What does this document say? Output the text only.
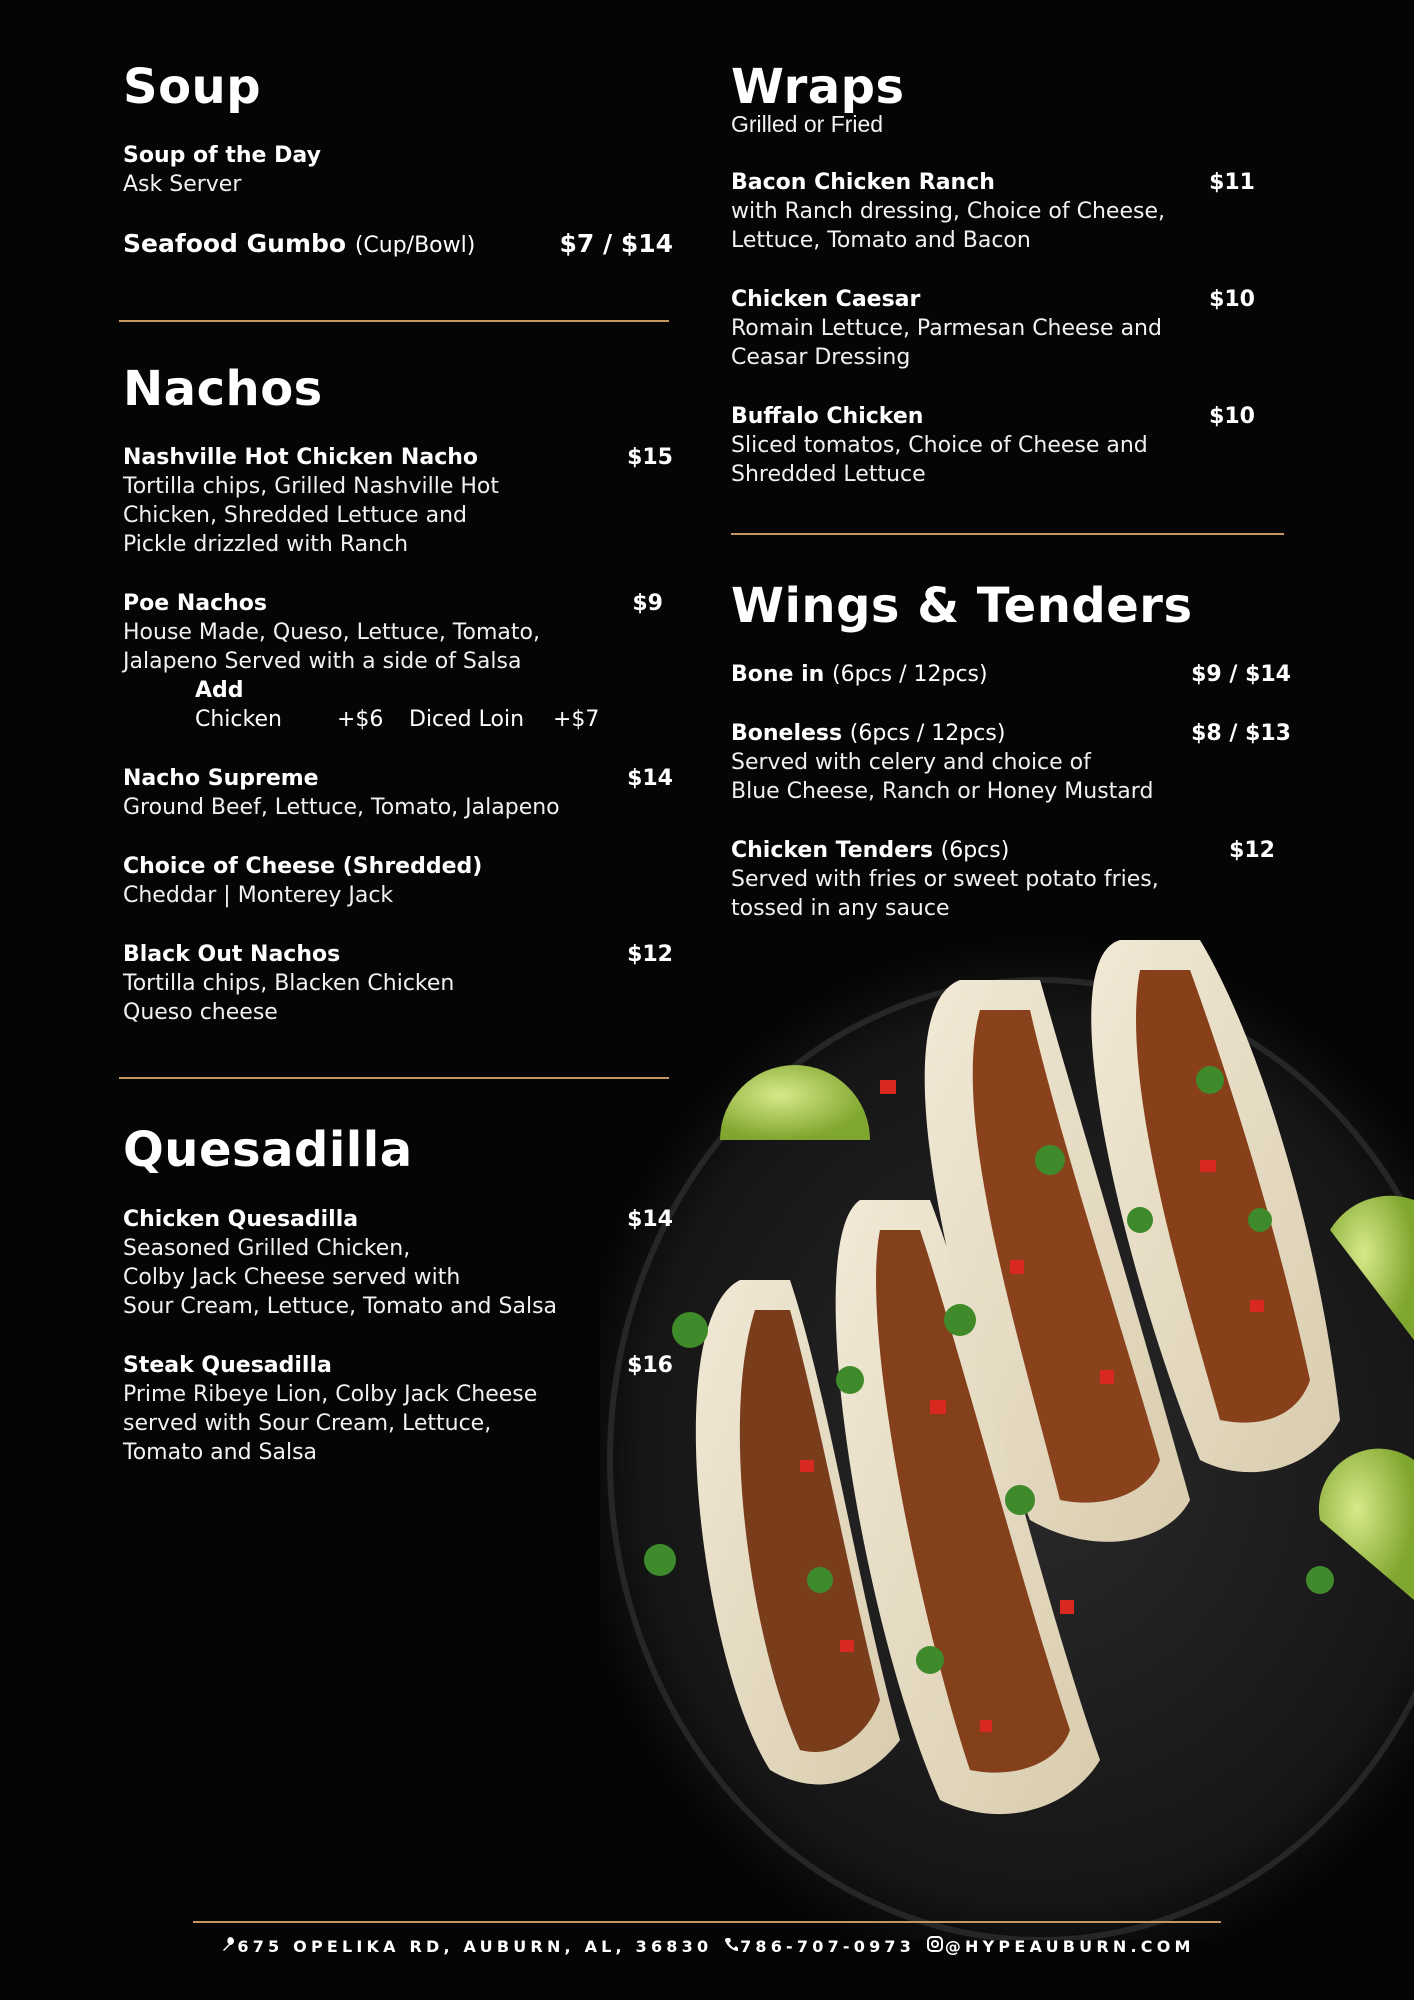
Soup
Soup of the Day
Ask Server
Seafood Gumbo (Cup/Bowl)	$7 / $14
Nachos
Nashville Hot Chicken Nacho	$15
Tortilla chips, Grilled Nashville Hot
Chicken, Shredded Lettuce and
Pickle drizzled with Ranch
Poe Nachos	$9
House Made, Queso, Lettuce, Tomato,
Jalapeno Served with a side of Salsa
Add
Chicken	+$6 Diced Loin +$7
Nacho Supreme	$14
Ground Beef, Lettuce, Tomato, Jalapeno
Choice of Cheese (Shredded)
Cheddar | Monterey Jack
Black Out Nachos	$12
Tortilla chips, Blacken Chicken
Queso cheese
Quesadilla
Chicken Quesadilla	$14
Seasoned Grilled Chicken,
Colby Jack Cheese served with
Sour Cream, Lettuce, Tomato and Salsa
Steak Quesadilla	$16
Prime Ribeye Lion, Colby Jack Cheese
served with Sour Cream, Lettuce,
Tomato and Salsa
Wraps
Grilled or Fried
Bacon Chicken Ranch	$11
with Ranch dressing, Choice of Cheese,
Lettuce, Tomato and Bacon
Chicken Caesar	$10
Romain Lettuce, Parmesan Cheese and
Ceasar Dressing
Buffalo Chicken	$10
Sliced tomatos, Choice of Cheese and
Shredded Lettuce
Wings & Tenders
Bone in (6pcs / 12pcs)	$9 / $14
Boneless (6pcs / 12pcs)	$8 / $13
Served with celery and choice of
Blue Cheese, Ranch or Honey Mustard
Chicken Tenders (6pcs)	$12
Served with fries or sweet potato fries,
tossed in any sauce
675 OPELIKA RD, AUBURN, AL, 36830 786-707-0973 @HYPEAUBURN.COM
